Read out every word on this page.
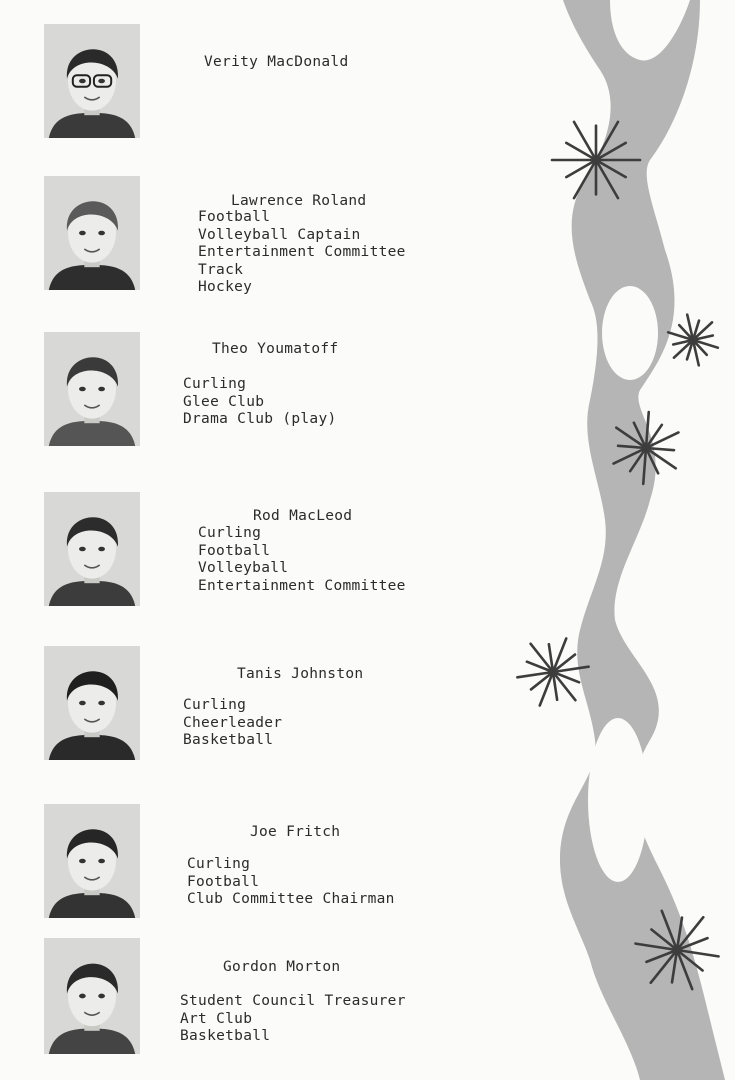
Verity MacDonald
Lawrence Roland
Football
Volleyball Captain
Entertainment Committee
Track
Hockey
Theo Youmatoff
Curling
Glee Club
Drama Club (play)
Rod MacLeod
Curling
Football
Volleyball
Entertainment Committee
Tanis Johnston
Curling
Cheerleader
Basketball
Joe Fritch
Curling
Football
Club Committee Chairman
Gordon Morton
Student Council Treasurer
Art Club
Basketball
